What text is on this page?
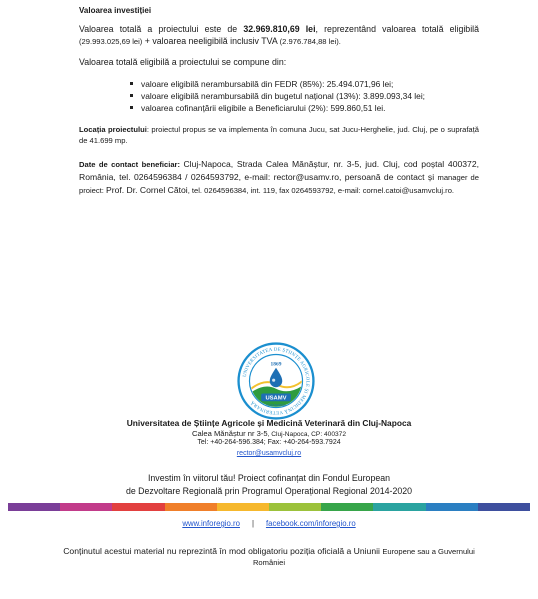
Valoarea investiției

Valoarea totală a proiectului este de 32.969.810,69 lei, reprezentând valoarea totală eligibilă (29.993.025,69 lei) + valoarea neeligibilă inclusiv TVA (2.976.784,88 lei).

Valoarea totală eligibilă a proiectului se compune din:

valoare eligibilă nerambursabilă din FEDR (85%): 25.494.071,96 lei;
valoare eligibilă nerambursabilă din bugetul național (13%): 3.899.093,34 lei;
valoarea cofinanțării eligibile a Beneficiarului (2%): 599.860,51 lei.

Locația proiectului: proiectul propus se va implementa în comuna Jucu, sat Jucu-Herghelie, jud. Cluj, pe o suprafață de 41.699 mp.

Date de contact beneficiar: Cluj-Napoca, Strada Calea Mănăștur, nr. 3-5, jud. Cluj, cod poștal 400372, România, tel. 0264596384 / 0264593792, e-mail: rector@usamv.ro, persoană de contact și manager de proiect: Prof. Dr. Cornel Cătoi, tel. 0264596384, int. 119, fax 0264593792, e-mail: cornel.catoi@usamvcluj.ro.

UNIVERSITATEA DE ȘTIINȚE AGRICOLE ȘI MEDICINĂ VETERINARĂ
1869
USAMV
CLUJ-NAPOCA
Universitatea de Științe Agricole și Medicină Veterinară din Cluj-Napoca
Calea Mănăștur nr 3-5, Cluj-Napoca, CP: 400372
Tel: +40-264-596.384; Fax: +40-264-593.7924
rector@usamvcluj.ro
Investim în viitorul tău! Proiect cofinanțat din Fondul European
de Dezvoltare Regională prin Programul Operațional Regional 2014-2020
www.inforegio.ro | facebook.com/inforegio.ro
Conținutul acestui material nu reprezintă în mod obligatoriu poziția oficială a Uniunii Europene sau a Guvernului
României
